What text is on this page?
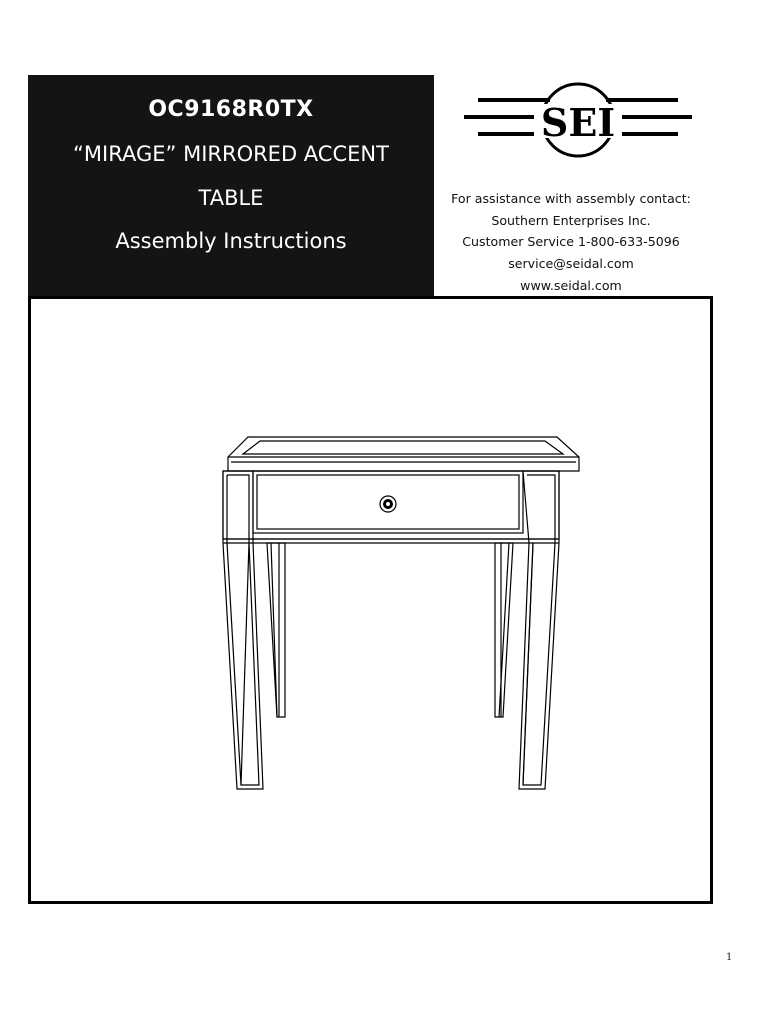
OC9168R0TX
“MIRAGE” MIRRORED ACCENT
TABLE
Assembly Instructions
SEI
For assistance with assembly contact:
Southern Enterprises Inc.
Customer Service 1-800-633-5096
service@seidal.com
www.seidal.com
1
